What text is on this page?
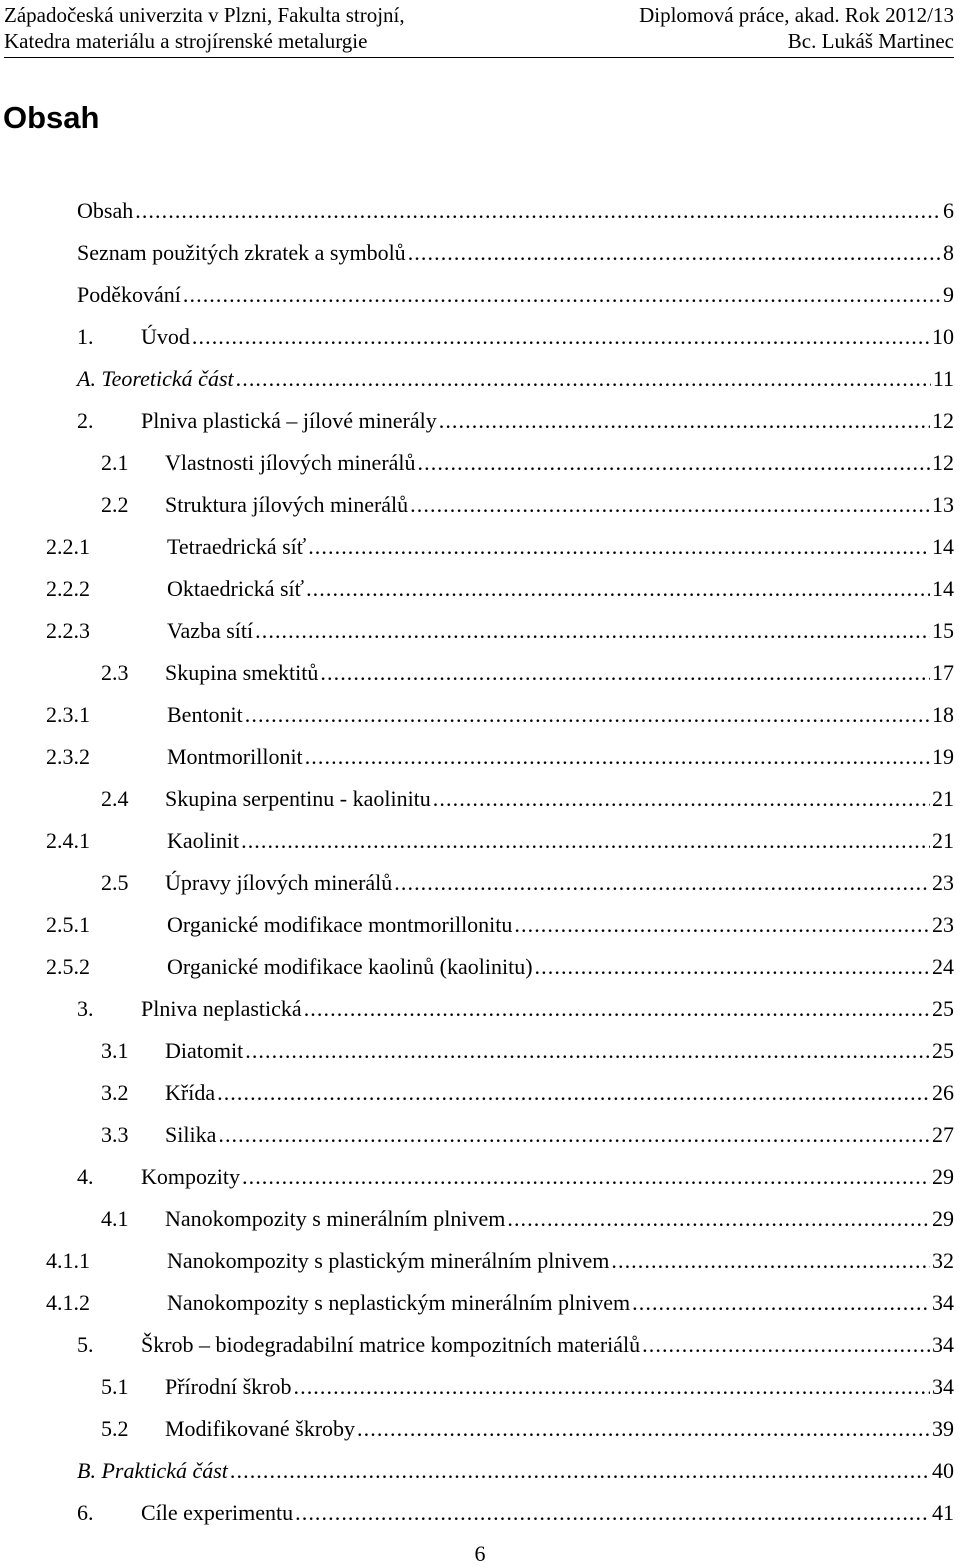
Západočeská univerzita v Plzni, Fakulta strojní,	Diplomová práce, akad. Rok 2012/13
Katedra materiálu a strojírenské metalurgie	Bc. Lukáš Martinec
Obsah
Obsah . . .	6
Seznam použitých zkratek a symbolů . . .	8
Poděkování . . .	9
1.	Úvod . . .	10
A. Teoretická část . . .	11
2.	Plniva plastická – jílové minerály . . .	12
2.1	Vlastnosti jílových minerálů . . .	12
2.2	Struktura jílových minerálů . . .	13
2.2.1	Tetraedrická síť . . .	14
2.2.2	Oktaedrická síť . . .	14
2.2.3	Vazba sítí . . .	15
2.3	Skupina smektitů . . .	17
2.3.1	Bentonit . . .	18
2.3.2	Montmorillonit . . .	19
2.4	Skupina serpentinu - kaolinitu . . .	21
2.4.1	Kaolinit . . .	21
2.5	Úpravy jílových minerálů . . .	23
2.5.1	Organické modifikace montmorillonitu . . .	23
2.5.2	Organické modifikace kaolinů (kaolinitu) . . .	24
3.	Plniva neplastická . . .	25
3.1	Diatomit . . .	25
3.2	Křída . . .	26
3.3	Silika . . .	27
4.	Kompozity . . .	29
4.1	Nanokompozity s minerálním plnivem . . .	29
4.1.1	Nanokompozity s plastickým minerálním plnivem . . .	32
4.1.2	Nanokompozity s neplastickým minerálním plnivem . . .	34
5.	Škrob – biodegradabilní matrice kompozitních materiálů . . .	34
5.1	Přírodní škrob . . .	34
5.2	Modifikované škroby . . .	39
B. Praktická část . . .	40
6.	Cíle experimentu . . .	41
6
